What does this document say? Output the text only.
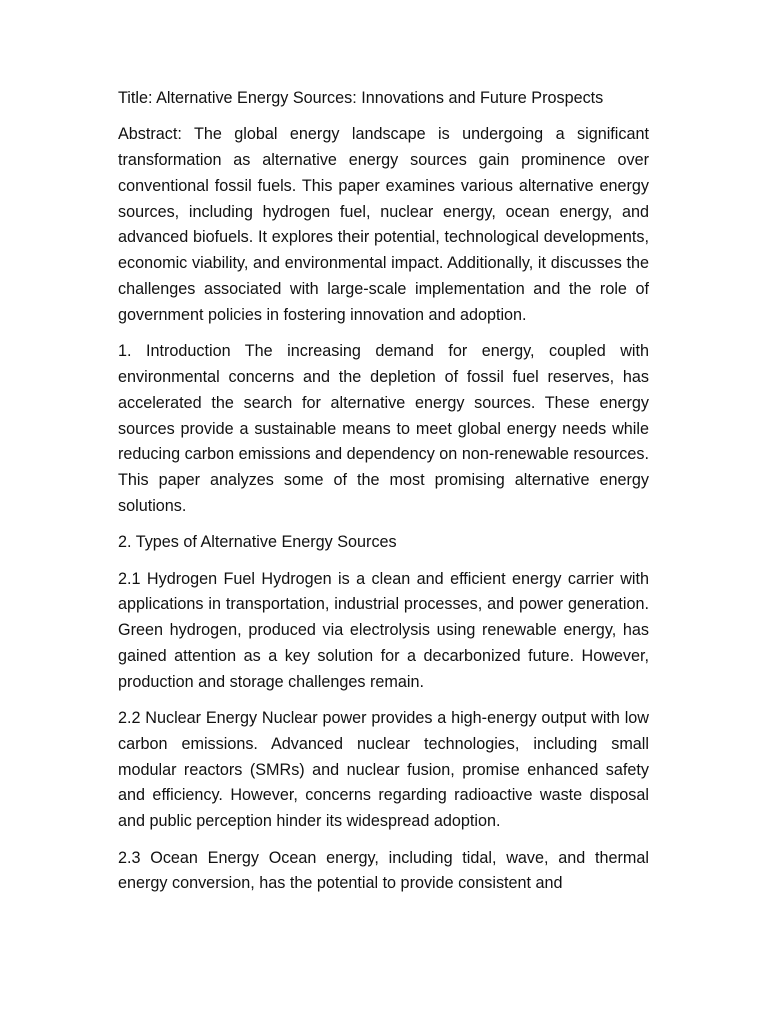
Title: Alternative Energy Sources: Innovations and Future Prospects

Abstract: The global energy landscape is undergoing a significant transformation as alternative energy sources gain prominence over conventional fossil fuels. This paper examines various alternative energy sources, including hydrogen fuel, nuclear energy, ocean energy, and advanced biofuels. It explores their potential, technological developments, economic viability, and environmental impact. Additionally, it discusses the challenges associated with large-scale implementation and the role of government policies in fostering innovation and adoption.

1. Introduction The increasing demand for energy, coupled with environmental concerns and the depletion of fossil fuel reserves, has accelerated the search for alternative energy sources. These energy sources provide a sustainable means to meet global energy needs while reducing carbon emissions and dependency on non-renewable resources. This paper analyzes some of the most promising alternative energy solutions.

2. Types of Alternative Energy Sources

2.1 Hydrogen Fuel Hydrogen is a clean and efficient energy carrier with applications in transportation, industrial processes, and power generation. Green hydrogen, produced via electrolysis using renewable energy, has gained attention as a key solution for a decarbonized future. However, production and storage challenges remain.

2.2 Nuclear Energy Nuclear power provides a high-energy output with low carbon emissions. Advanced nuclear technologies, including small modular reactors (SMRs) and nuclear fusion, promise enhanced safety and efficiency. However, concerns regarding radioactive waste disposal and public perception hinder its widespread adoption.

2.3 Ocean Energy Ocean energy, including tidal, wave, and thermal energy conversion, has the potential to provide consistent and
